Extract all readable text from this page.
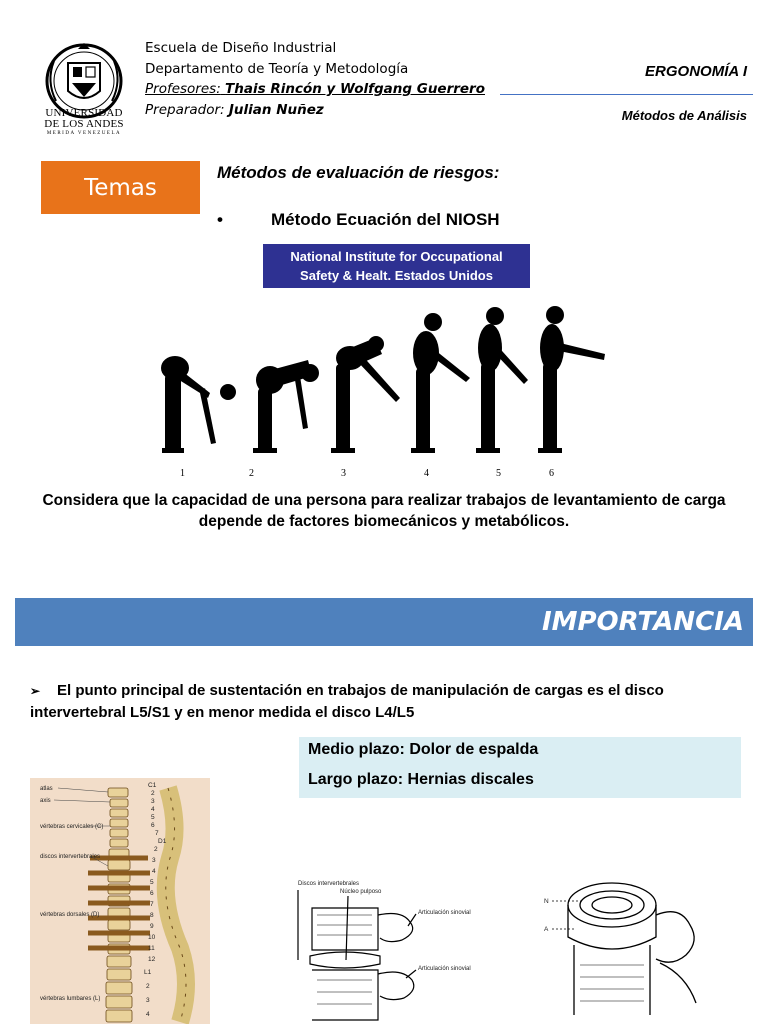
UNIVERSIDAD
DE LOS ANDES
MERIDA VENEZUELA
Escuela de Diseño Industrial
Departamento de Teoría y Metodología
Profesores: Thais Rincón y Wolfgang Guerrero
Preparador: Julian Nuñez
ERGONOMÍA I
Métodos de Análisis
Temas
Métodos de evaluación de riesgos:
•	Método Ecuación del NIOSH
National Institute for Occupational
Safety & Healt. Estados Unidos
1	2	3	4	5	6
Considera que la capacidad de una persona para realizar trabajos de levantamiento de carga depende de factores biomecánicos y metabólicos.
IMPORTANCIA
➢ El punto principal de sustentación en trabajos de manipulación de cargas es el disco intervertebral L5/S1 y en menor medida el disco L4/L5
Medio plazo: Dolor de espalda
Largo plazo: Hernias discales
atlas
axis
vértebras cervicales (C)
discos intervertebrales
vértebras dorsales (D)
vértebras lumbares (L)
C1
2
3
4
5
6
7
D1
2
3
4
5
6
7
8
9
10
11
12
L1
2
3
4
Discos intervertebrales
Núcleo pulposo
Articulación sinovial
Articulación sinovial
N
A
